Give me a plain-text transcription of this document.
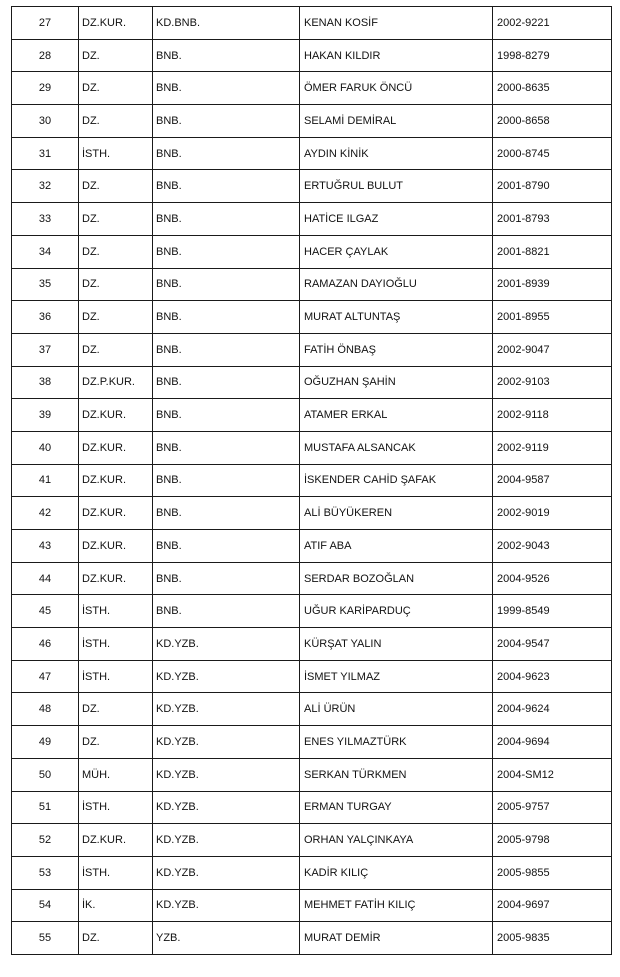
27	DZ.KUR.	KD.BNB.	KENAN KOSİF	2002-9221
28	DZ.	BNB.	HAKAN KILDIR	1998-8279
29	DZ.	BNB.	ÖMER FARUK ÖNCÜ	2000-8635
30	DZ.	BNB.	SELAMİ DEMİRAL	2000-8658
31	İSTH.	BNB.	AYDIN KİNİK	2000-8745
32	DZ.	BNB.	ERTUĞRUL BULUT	2001-8790
33	DZ.	BNB.	HATİCE ILGAZ	2001-8793
34	DZ.	BNB.	HACER ÇAYLAK	2001-8821
35	DZ.	BNB.	RAMAZAN DAYIOĞLU	2001-8939
36	DZ.	BNB.	MURAT ALTUNTAŞ	2001-8955
37	DZ.	BNB.	FATİH ÖNBAŞ	2002-9047
38	DZ.P.KUR.	BNB.	OĞUZHAN ŞAHİN	2002-9103
39	DZ.KUR.	BNB.	ATAMER ERKAL	2002-9118
40	DZ.KUR.	BNB.	MUSTAFA ALSANCAK	2002-9119
41	DZ.KUR.	BNB.	İSKENDER CAHİD ŞAFAK	2004-9587
42	DZ.KUR.	BNB.	ALİ BÜYÜKEREN	2002-9019
43	DZ.KUR.	BNB.	ATIF ABA	2002-9043
44	DZ.KUR.	BNB.	SERDAR BOZOĞLAN	2004-9526
45	İSTH.	BNB.	UĞUR KARİPARDUÇ	1999-8549
46	İSTH.	KD.YZB.	KÜRŞAT YALIN	2004-9547
47	İSTH.	KD.YZB.	İSMET YILMAZ	2004-9623
48	DZ.	KD.YZB.	ALİ ÜRÜN	2004-9624
49	DZ.	KD.YZB.	ENES YILMAZTÜRK	2004-9694
50	MÜH.	KD.YZB.	SERKAN TÜRKMEN	2004-SM12
51	İSTH.	KD.YZB.	ERMAN TURGAY	2005-9757
52	DZ.KUR.	KD.YZB.	ORHAN YALÇINKAYA	2005-9798
53	İSTH.	KD.YZB.	KADİR KILIÇ	2005-9855
54	İK.	KD.YZB.	MEHMET FATİH KILIÇ	2004-9697
55	DZ.	YZB.	MURAT DEMİR	2005-9835
